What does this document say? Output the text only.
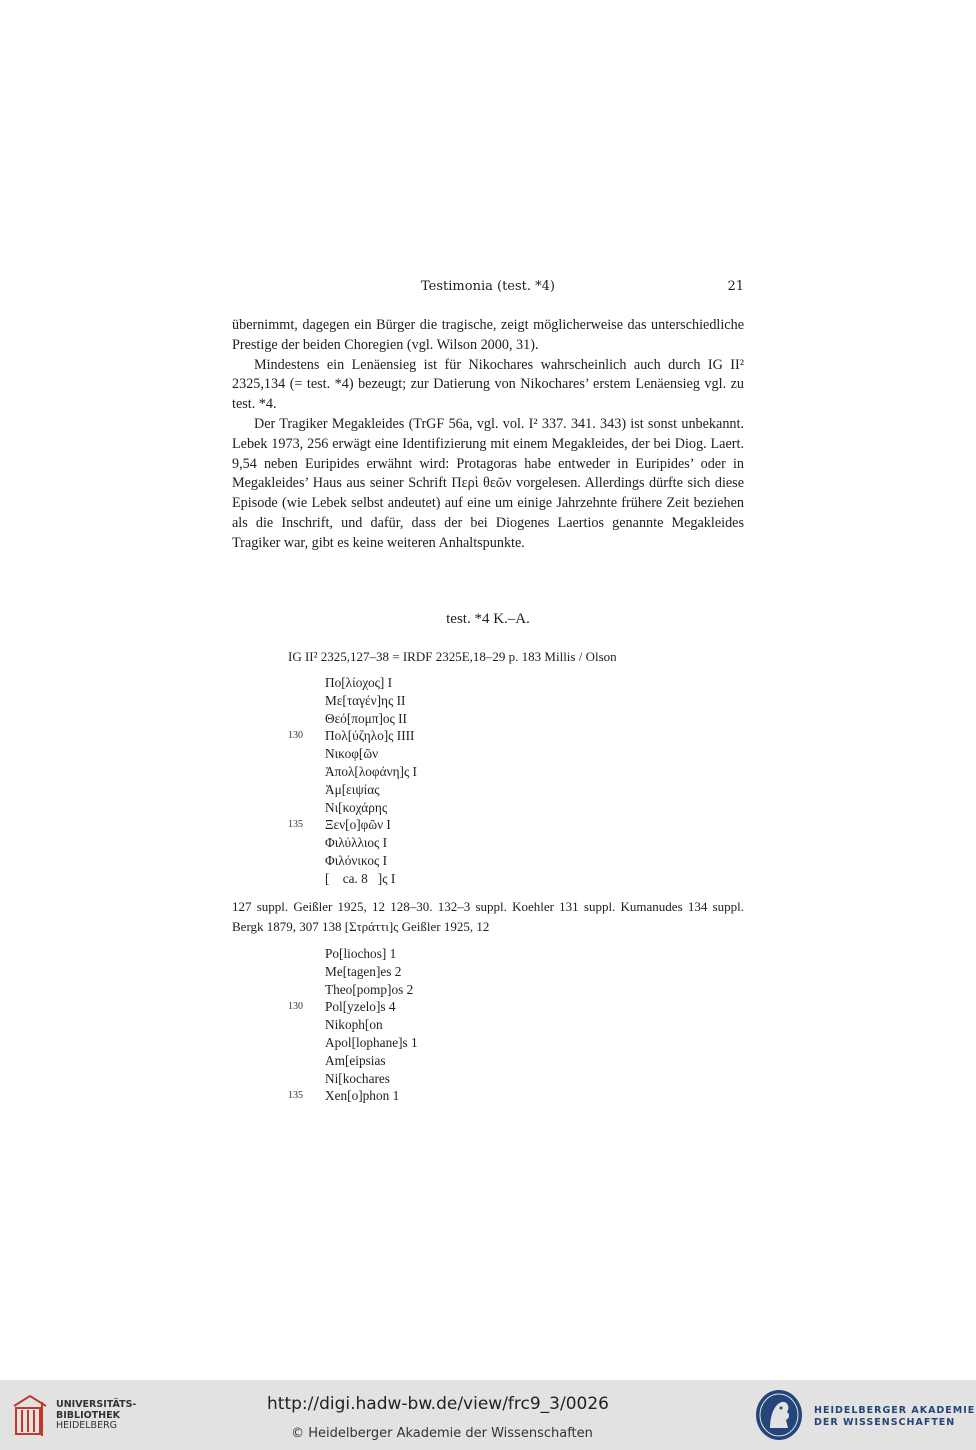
Testimonia (test. *4)	21

übernimmt, dagegen ein Bürger die tragische, zeigt möglicherweise das unterschiedliche Prestige der beiden Choregien (vgl. Wilson 2000, 31).

Mindestens ein Lenäensieg ist für Nikochares wahrscheinlich auch durch IG II² 2325,134 (= test. *4) bezeugt; zur Datierung von Nikochares’ erstem Lenäensieg vgl. zu test. *4.

Der Tragiker Megakleides (TrGF 56a, vgl. vol. I² 337. 341. 343) ist sonst unbekannt. Lebek 1973, 256 erwägt eine Identifizierung mit einem Megakleides, der bei Diog. Laert. 9,54 neben Euripides erwähnt wird: Protagoras habe entweder in Euripides’ oder in Megakleides’ Haus aus seiner Schrift Περὶ θεῶν vorgelesen. Allerdings dürfte sich diese Episode (wie Lebek selbst andeutet) auf eine um einige Jahrzehnte frühere Zeit beziehen als die Inschrift, und dafür, dass der bei Diogenes Laertios genannte Megakleides Tragiker war, gibt es keine weiteren Anhaltspunkte.

test. *4 K.–A.
IG II² 2325,127–38 = IRDF 2325E,18–29 p. 183 Millis / Olson
Πο[λίοχος] I
Με[ταγέν]ης II
Θεό[πομπ]ος II
130 Πολ[ύζηλο]ς IIII
Νικοφ[ῶν
Ἀπολ[λοφάνη]ς I
Ἀμ[ειψίας
Νι[κοχάρης
135 Ξεν[ο]φῶν I
Φιλύλλιος I
Φιλόνικος I
[    ca. 8   ]ς I
127 suppl. Geißler 1925, 12 128–30. 132–3 suppl. Koehler 131 suppl. Kumanudes 134 suppl. Bergk 1879, 307 138 [Στράττι]ς Geißler 1925, 12
Po[liochos] 1
Me[tagen]es 2
Theo[pomp]os 2
130 Pol[yzelo]s 4
Nikoph[on
Apol[lophane]s 1
Am[eipsias
Ni[kochares
135 Xen[o]phon 1
UNIVERSITÄTS-
BIBLIOTHEK
HEIDELBERG
http://digi.hadw-bw.de/view/frc9_3/0026
© Heidelberger Akademie der Wissenschaften
HEIDELBERGER AKADEMIE
DER WISSENSCHAFTEN
